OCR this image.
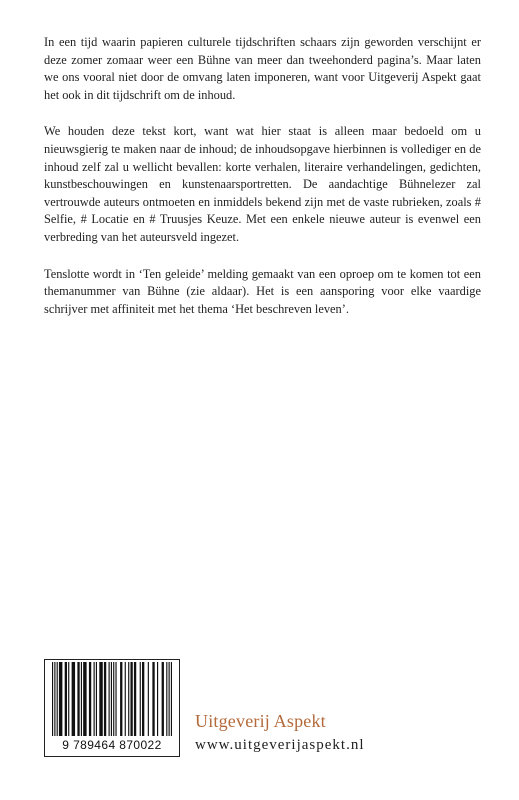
In een tijd waarin papieren culturele tijdschriften schaars zijn geworden verschijnt er deze zomer zomaar weer een Bühne van meer dan tweehonderd pagina’s. Maar laten we ons vooral niet door de omvang laten imponeren, want voor Uitgeverij Aspekt gaat het ook in dit tijdschrift om de inhoud.

We houden deze tekst kort, want wat hier staat is alleen maar bedoeld om u nieuwsgierig te maken naar de inhoud; de inhoudsopgave hierbinnen is vollediger en de inhoud zelf zal u wellicht bevallen: korte verhalen, literaire verhandelingen, gedichten, kunstbeschouwingen en kunstenaarsportretten. De aandachtige Bühnelezer zal vertrouwde auteurs ontmoeten en inmiddels bekend zijn met de vaste rubrieken, zoals # Selfie, # Locatie en # Truusjes Keuze. Met een enkele nieuwe auteur is evenwel een verbreding van het auteursveld ingezet.

Tenslotte wordt in ‘Ten geleide’ melding gemaakt van een oproep om te komen tot een themanummer van Bühne (zie aldaar). Het is een aansporing voor elke vaardige schrijver met affiniteit met het thema ‘Het beschreven leven’.

9 789464 870022
Uitgeverij Aspekt
www.uitgeverijaspekt.nl
